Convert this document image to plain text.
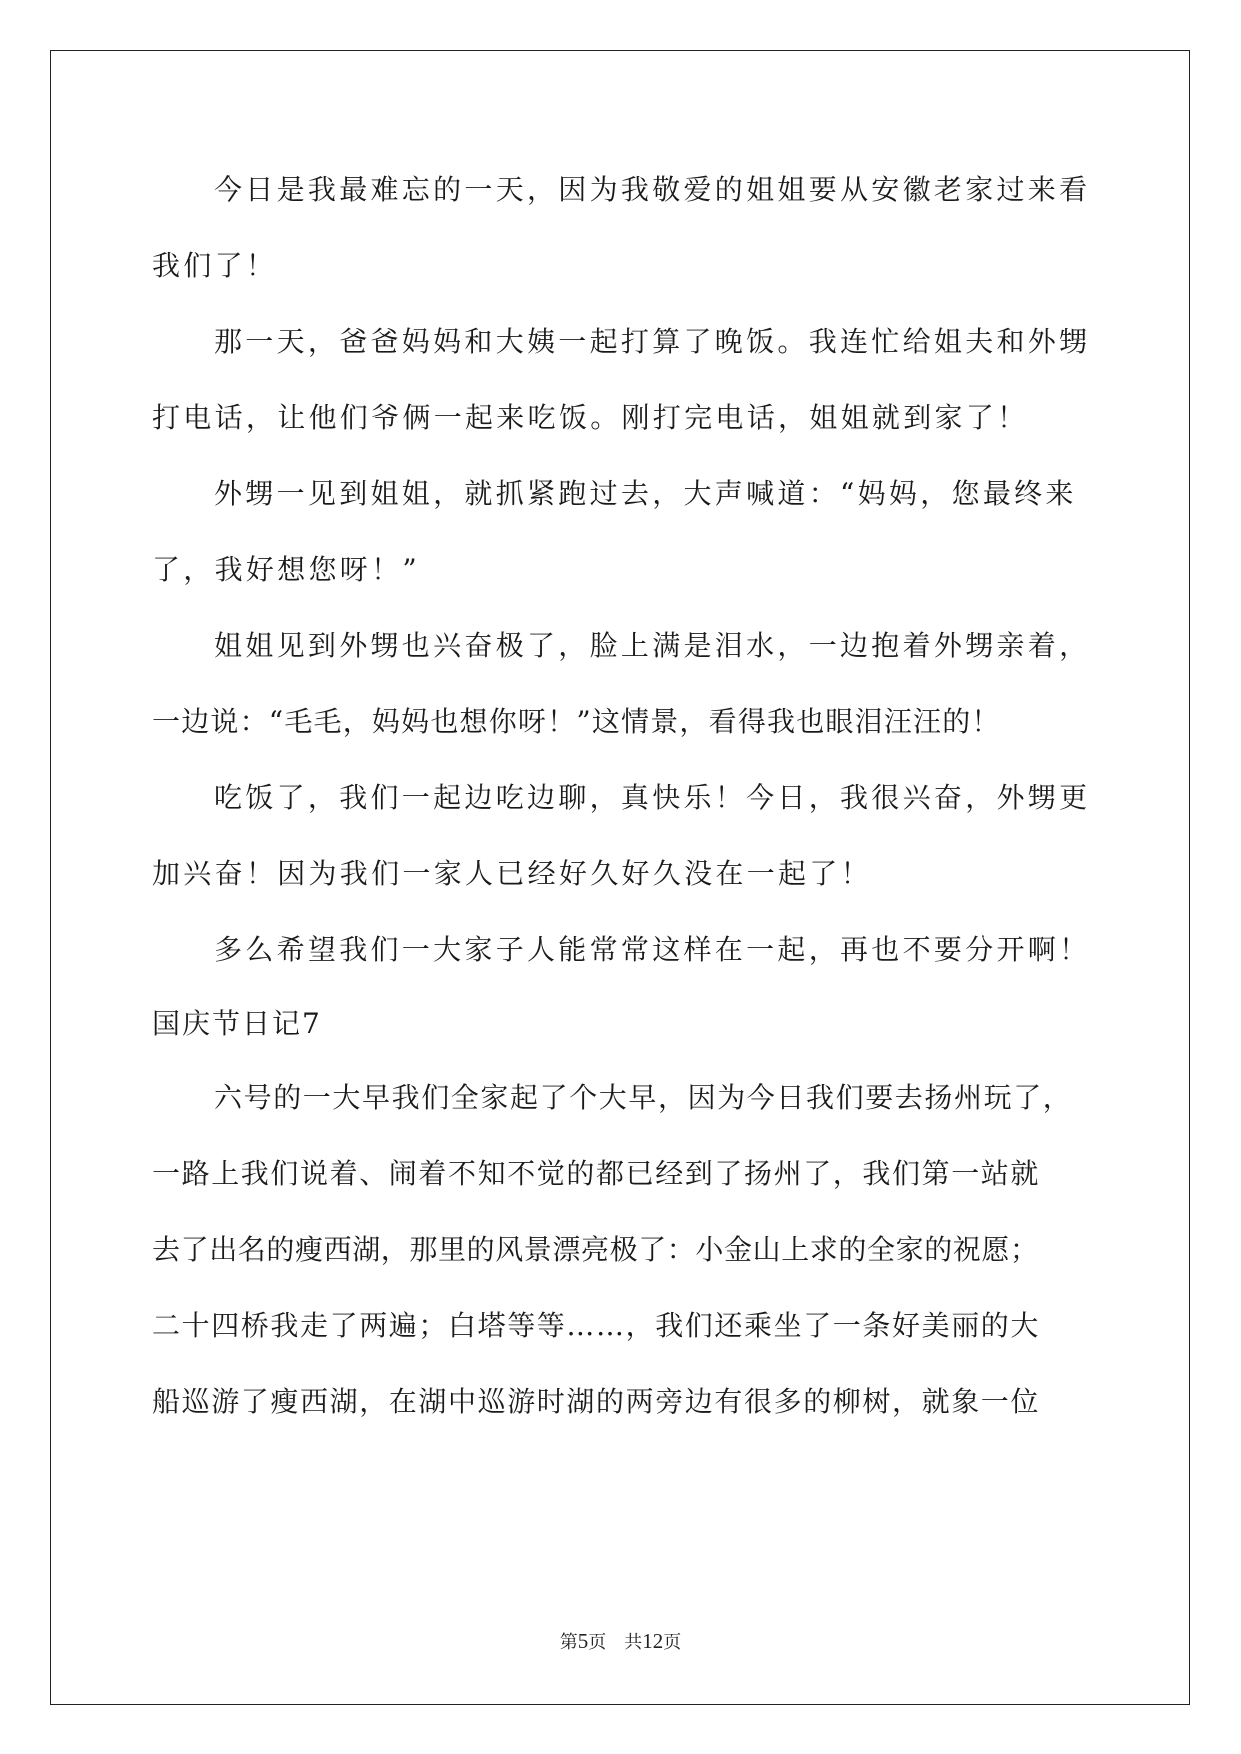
今日是我最难忘的一天，因为我敬爱的姐姐要从安徽老家过来看
我们了！
那一天，爸爸妈妈和大姨一起打算了晚饭。我连忙给姐夫和外甥
打电话，让他们爷俩一起来吃饭。刚打完电话，姐姐就到家了！
外甥一见到姐姐，就抓紧跑过去，大声喊道：“妈妈，您最终来
了，我好想您呀！”
姐姐见到外甥也兴奋极了，脸上满是泪水，一边抱着外甥亲着，
一边说：“毛毛，妈妈也想你呀！”这情景，看得我也眼泪汪汪的！
吃饭了，我们一起边吃边聊，真快乐！今日，我很兴奋，外甥更
加兴奋！因为我们一家人已经好久好久没在一起了！
多么希望我们一大家子人能常常这样在一起，再也不要分开啊！
国庆节日记7
六号的一大早我们全家起了个大早，因为今日我们要去扬州玩了，
一路上我们说着、闹着不知不觉的都已经到了扬州了，我们第一站就
去了出名的瘦西湖，那里的风景漂亮极了：小金山上求的全家的祝愿；
二十四桥我走了两遍；白塔等等……，我们还乘坐了一条好美丽的大
船巡游了瘦西湖，在湖中巡游时湖的两旁边有很多的柳树，就象一位
第5页 共12页
